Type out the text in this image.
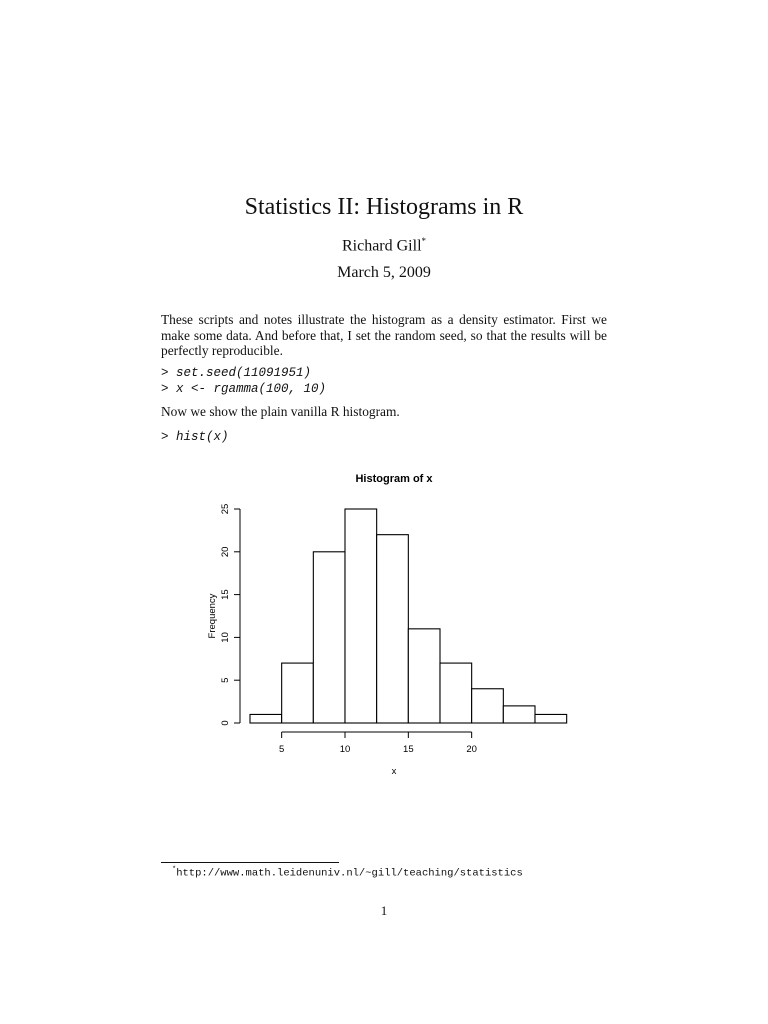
Statistics II: Histograms in R
Richard Gill*
March 5, 2009
These scripts and notes illustrate the histogram as a density estimator. First we make some data. And before that, I set the random seed, so that the results will be perfectly reproducible.
> set.seed(11091951)
> x <- rgamma(100, 10)
Now we show the plain vanilla R histogram.
> hist(x)
Histogram of x
5	10	15	20
x
0
5
10
15
20
25
Frequency
*http://www.math.leidenuniv.nl/~gill/teaching/statistics
1
